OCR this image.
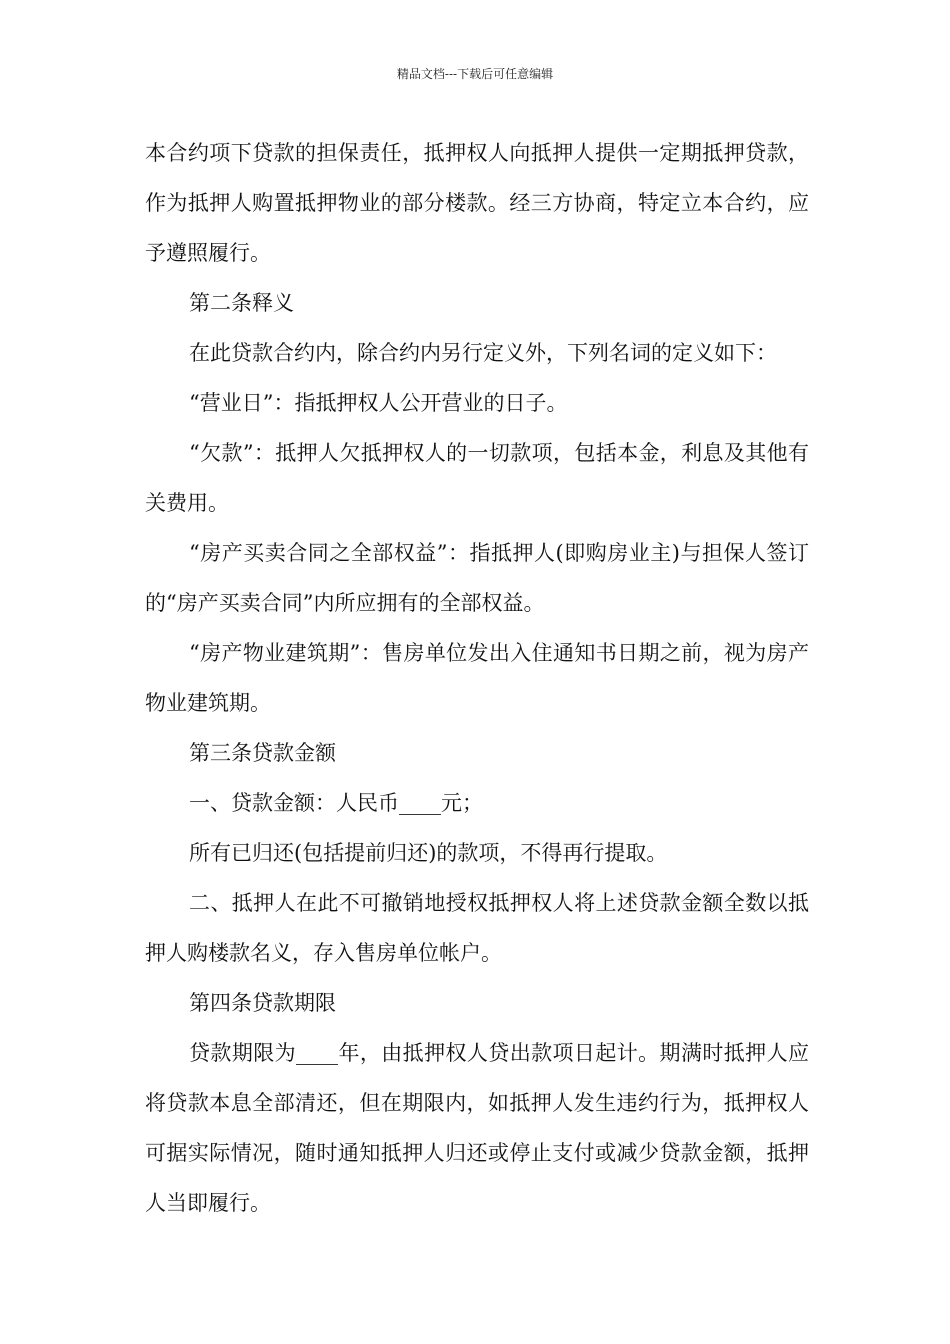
精品文档---下载后可任意编辑

本合约项下贷款的担保责任，抵押权人向抵押人提供一定期抵押贷款，作为抵押人购置抵押物业的部分楼款。经三方协商，特定立本合约，应予遵照履行。

第二条释义

在此贷款合约内，除合约内另行定义外，下列名词的定义如下：

“营业日”：指抵押权人公开营业的日子。

“欠款”：抵押人欠抵押权人的一切款项，包括本金，利息及其他有关费用。

“房产买卖合同之全部权益”：指抵押人(即购房业主)与担保人签订的“房产买卖合同”内所应拥有的全部权益。

“房产物业建筑期”：售房单位发出入住通知书日期之前，视为房产物业建筑期。

第三条贷款金额

一、贷款金额：人民币____元；

所有已归还(包括提前归还)的款项，不得再行提取。

二、抵押人在此不可撤销地授权抵押权人将上述贷款金额全数以抵押人购楼款名义，存入售房单位帐户。

第四条贷款期限

贷款期限为____年，由抵押权人贷出款项日起计。期满时抵押人应将贷款本息全部清还，但在期限内，如抵押人发生违约行为，抵押权人可据实际情况，随时通知抵押人归还或停止支付或减少贷款金额，抵押人当即履行。
